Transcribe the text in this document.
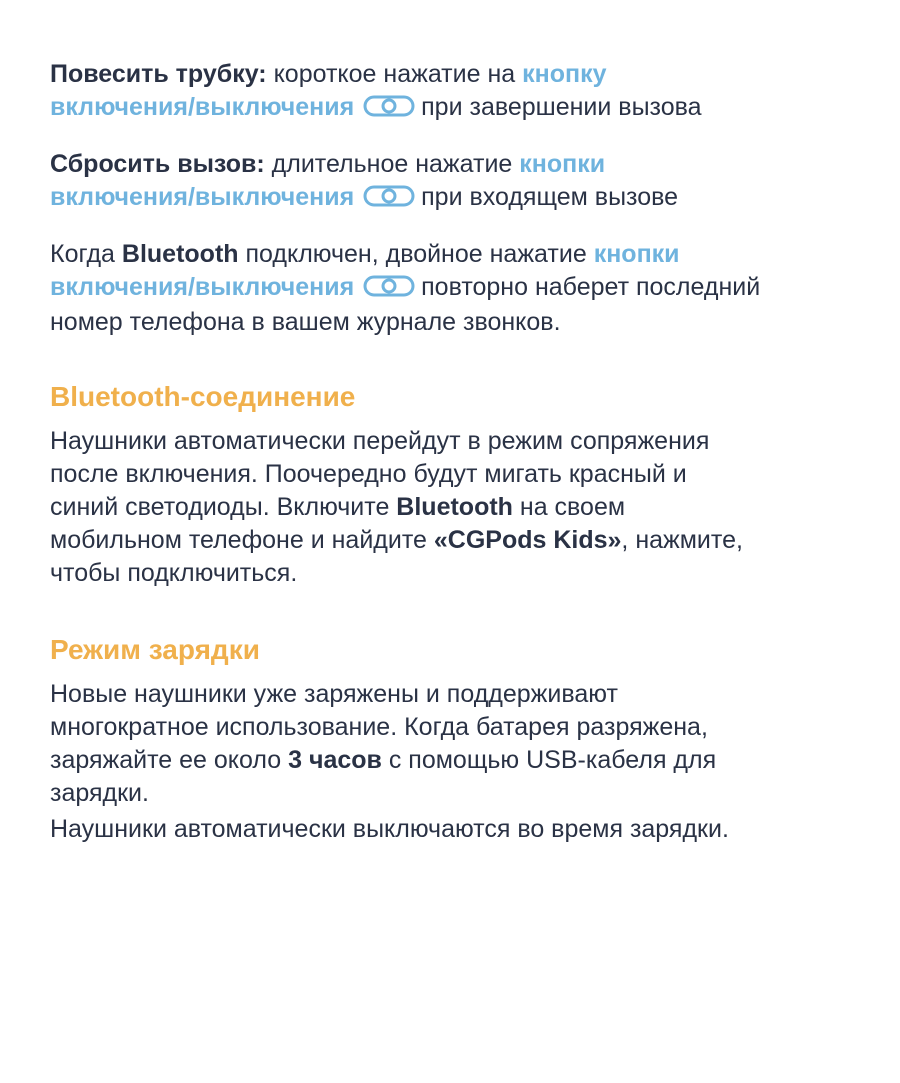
Повесить трубку: короткое нажатие на кнопку
включения/выключения	при завершении вызова

Сбросить вызов: длительное нажатие кнопки
включения/выключения	при входящем вызове

Когда Bluetooth подключен, двойное нажатие кнопки
включения/выключения	повторно наберет последний
номер телефона в вашем журнале звонков.

Bluetooth-соединение

Наушники автоматически перейдут в режим сопряжения
после включения. Поочередно будут мигать красный и
синий светодиоды. Включите Bluetooth на своем
мобильном телефоне и найдите «CGPods Kids», нажмите,
чтобы подключиться.

Режим зарядки

Новые наушники уже заряжены и поддерживают
многократное использование. Когда батарея разряжена,
заряжайте ее около 3 часов с помощью USB-кабеля для
зарядки.

Наушники автоматически выключаются во время зарядки.
